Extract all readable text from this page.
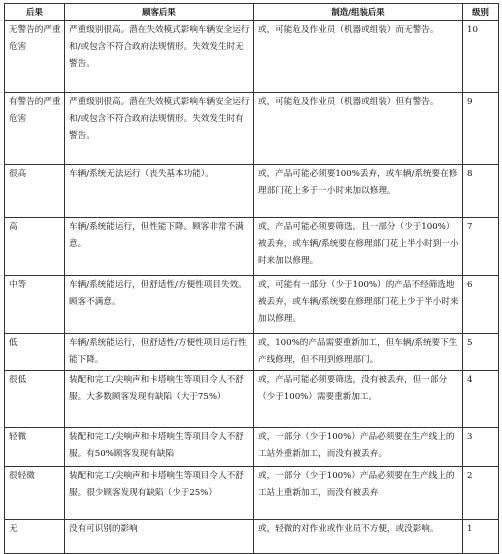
后果	顾客后果	制造/组装后果	级别
无警告的严重危害	严重级别很高。潜在失效模式影响车辆安全运行和/或包含不符合政府法规情形。失效发生时无警告。	或，可能危及作业员（机器或组装）而无警告。	10
有警告的严重危害	严重级别很高。潜在失效模式影响车辆安全运行和/或包含不符合政府法规情形。失效发生时有警告。	或，可能危及作业员（机器或组装）但有警告。	9
很高	车辆/系统无法运行（丧失基本功能）。	或，产品可能必须要100%丢弃，或车辆/系统要在修理部门花上多于一小时来加以修理。	8
高	车辆/系统能运行，但性能下降。顾客非常不满意。	或，产品可能必须要筛选，且一部分（少于100%）被丢弃，或车辆/系统要在修理部门花上半小时到一小时来加以修理。	7
中等	车辆/系统能运行，但舒适性/方便性项目失效。顾客不满意。	或，可能有一部分（少于100%）的产品不经筛选地被丢弃，或车辆/系统要在修理部门花上少于半小时来加以修理。	6
低	车辆/系统能运行，但舒适性/方便性项目运行性能下降。	或，100%的产品需要重新加工，但车辆/系统要下生产线修理，但不用到修理部门。	5
很低	装配和完工/尖响声和卡塔响生等项目令人不舒服。大多数顾客发现有缺陷（大于75%）	或，产品可能必须要筛选，没有被丢弃，但一部分（少于100%）需要重新加工。	4
轻微	装配和完工/尖响声和卡塔响生等项目令人不舒服。有50%顾客发现有缺陷	或，一部分（少于100%）产品必须要在生产线上的工站外重新加工，而没有被丢弃。	3
很轻微	装配和完工/尖响声和卡塔响生等项目令人不舒服。很少顾客发现有缺陷（少于25%）	或，一部分（少于100%）产品必须要在生产线上的工站上重新加工，而没有被丢弃	2
无	没有可识别的影响	或，轻微的对作业或作业员不方便，或没影响。	1
